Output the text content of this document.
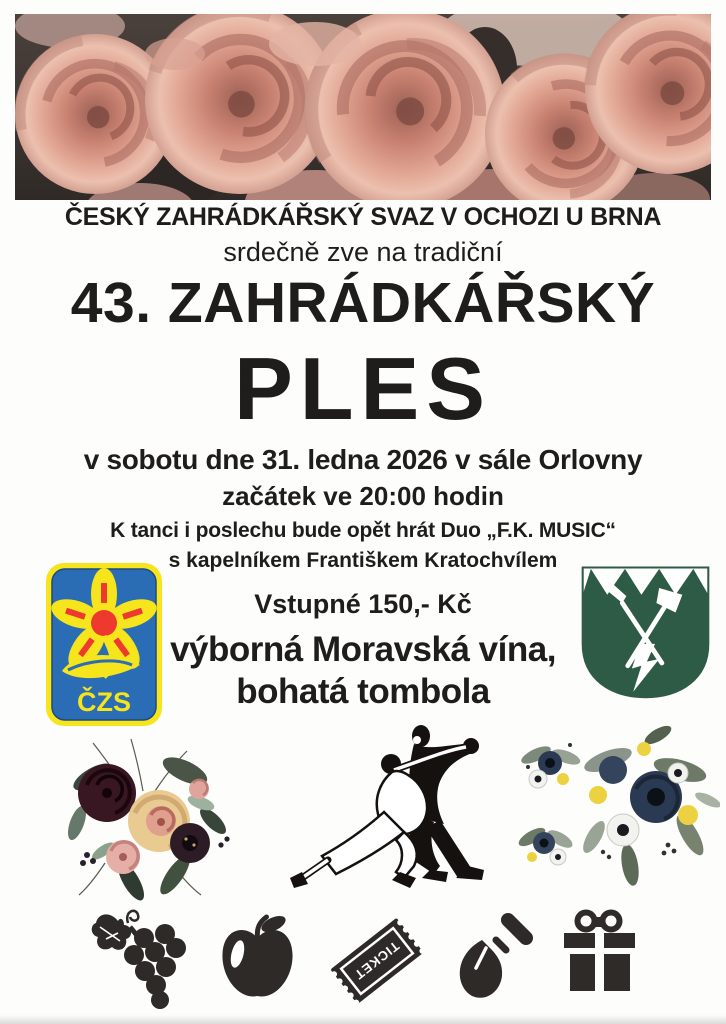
ČESKÝ ZAHRÁDKÁŘSKÝ SVAZ V OCHOZI U BRNA
srdečně zve na tradiční
43. ZAHRÁDKÁŘSKÝ
PLES
v sobotu dne 31. ledna 2026 v sále Orlovny
začátek ve 20:00 hodin
K tanci i poslechu bude opět hrát Duo „F.K. MUSIC“
s kapelníkem Františkem Kratochvílem
Vstupné 150,- Kč
výborná Moravská vína,
bohatá tombola
ČZS
TICKET
